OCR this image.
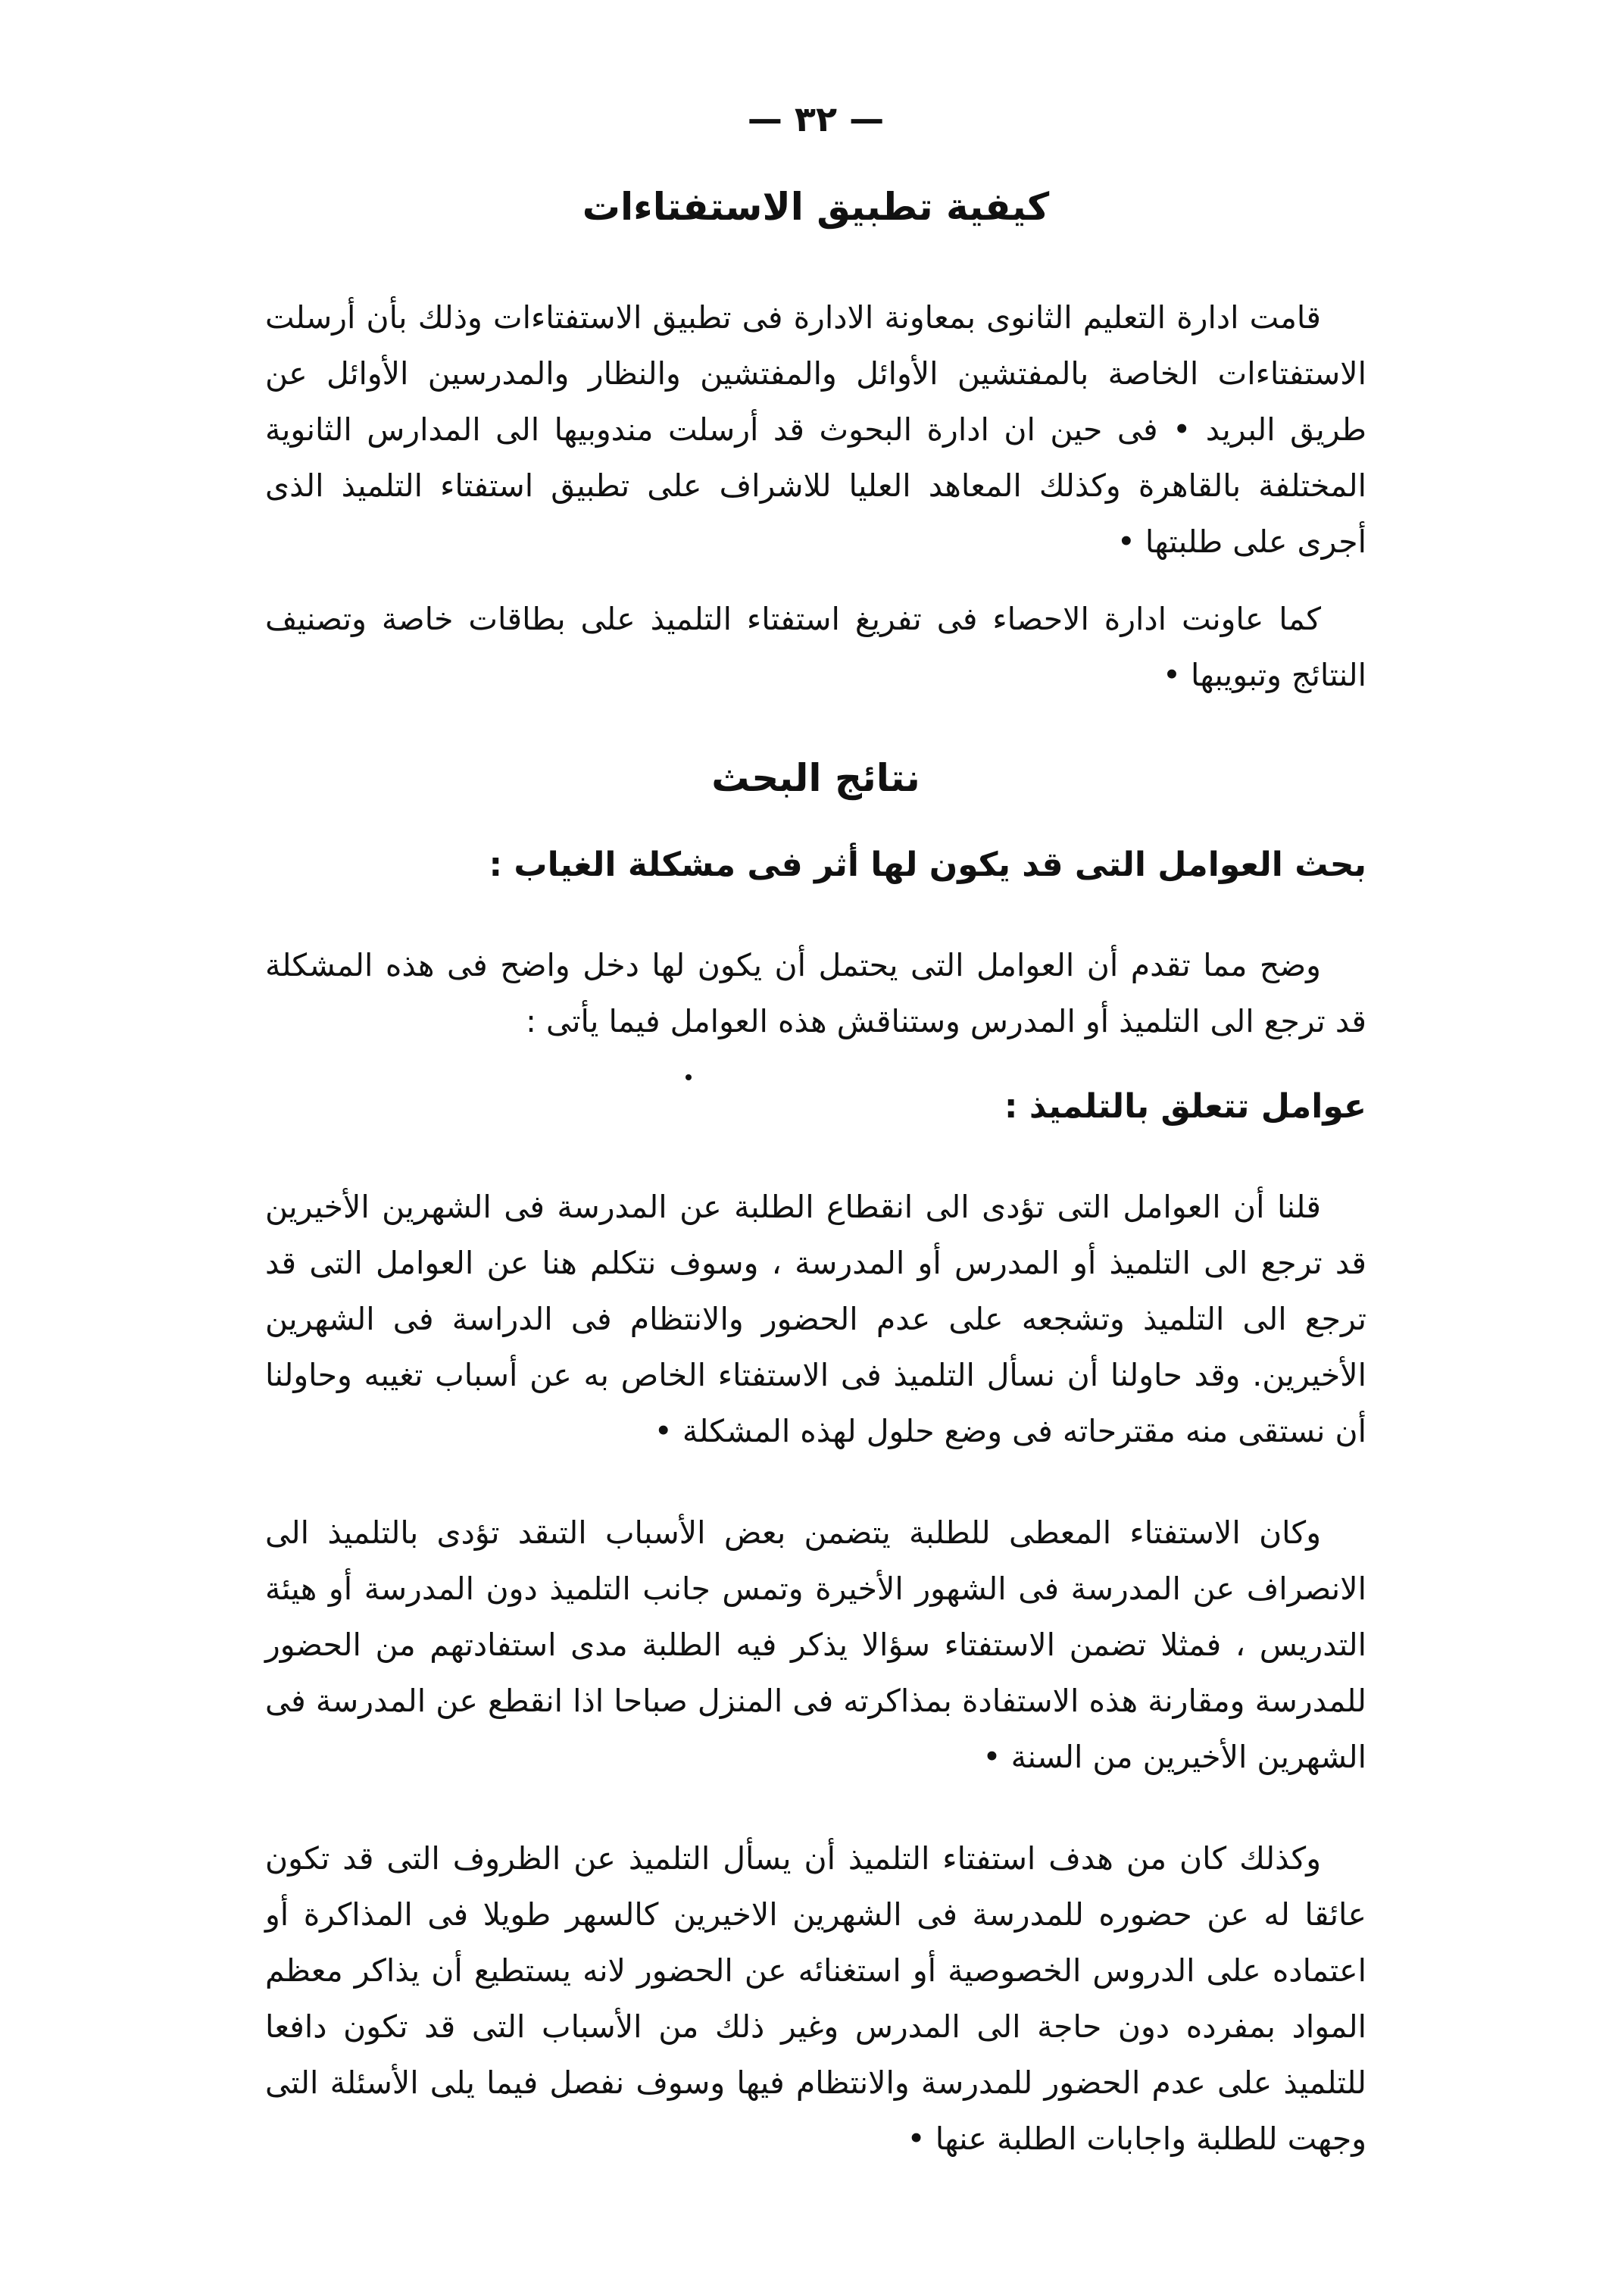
— ٣٢ —
كيفية تطبيق الاستفتاءات

قامت ادارة التعليم الثانوى بمعاونة الادارة فى تطبيق الاستفتاءات وذلك بأن أرسلت الاستفتاءات الخاصة بالمفتشين الأوائل والمفتشين والنظار والمدرسين الأوائل عن طريق البريد • فى حين ان ادارة البحوث قد أرسلت مندوبيها الى المدارس الثانوية المختلفة بالقاهرة وكذلك المعاهد العليا للاشراف على تطبيق استفتاء التلميذ الذى أجرى على طلبتها •

كما عاونت ادارة الاحصاء فى تفريغ استفتاء التلميذ على بطاقات خاصة وتصنيف النتائج وتبويبها •

نتائج البحث
بحث العوامل التى قد يكون لها أثر فى مشكلة الغياب :

وضح مما تقدم أن العوامل التى يحتمل أن يكون لها دخل واضح فى هذه المشكلة قد ترجع الى التلميذ أو المدرس وستناقش هذه العوامل فيما يأتى :

عوامل تتعلق بالتلميذ :

قلنا أن العوامل التى تؤدى الى انقطاع الطلبة عن المدرسة فى الشهرين الأخيرين قد ترجع الى التلميذ أو المدرس أو المدرسة ، وسوف نتكلم هنا عن العوامل التى قد ترجع الى التلميذ وتشجعه على عدم الحضور والانتظام فى الدراسة فى الشهرين الأخيرين. وقد حاولنا أن نسأل التلميذ فى الاستفتاء الخاص به عن أسباب تغيبه وحاولنا أن نستقى منه مقترحاته فى وضع حلول لهذه المشكلة •

وكان الاستفتاء المعطى للطلبة يتضمن بعض الأسباب التىقد تؤدى بالتلميذ الى الانصراف عن المدرسة فى الشهور الأخيرة وتمس جانب التلميذ دون المدرسة أو هيئة التدريس ، فمثلا تضمن الاستفتاء سؤالا يذكر فيه الطلبة مدى استفادتهم من الحضور للمدرسة ومقارنة هذه الاستفادة بمذاكرته فى المنزل صباحا اذا انقطع عن المدرسة فى الشهرين الأخيرين من السنة •

وكذلك كان من هدف استفتاء التلميذ أن يسأل التلميذ عن الظروف التى قد تكون عائقا له عن حضوره للمدرسة فى الشهرين الاخيرين كالسهر طويلا فى المذاكرة أو اعتماده على الدروس الخصوصية أو استغنائه عن الحضور لانه يستطيع أن يذاكر معظم المواد بمفرده دون حاجة الى المدرس وغير ذلك من الأسباب التى قد تكون دافعا للتلميذ على عدم الحضور للمدرسة والانتظام فيها وسوف نفصل فيما يلى الأسئلة التى وجهت للطلبة واجابات الطلبة عنها •
